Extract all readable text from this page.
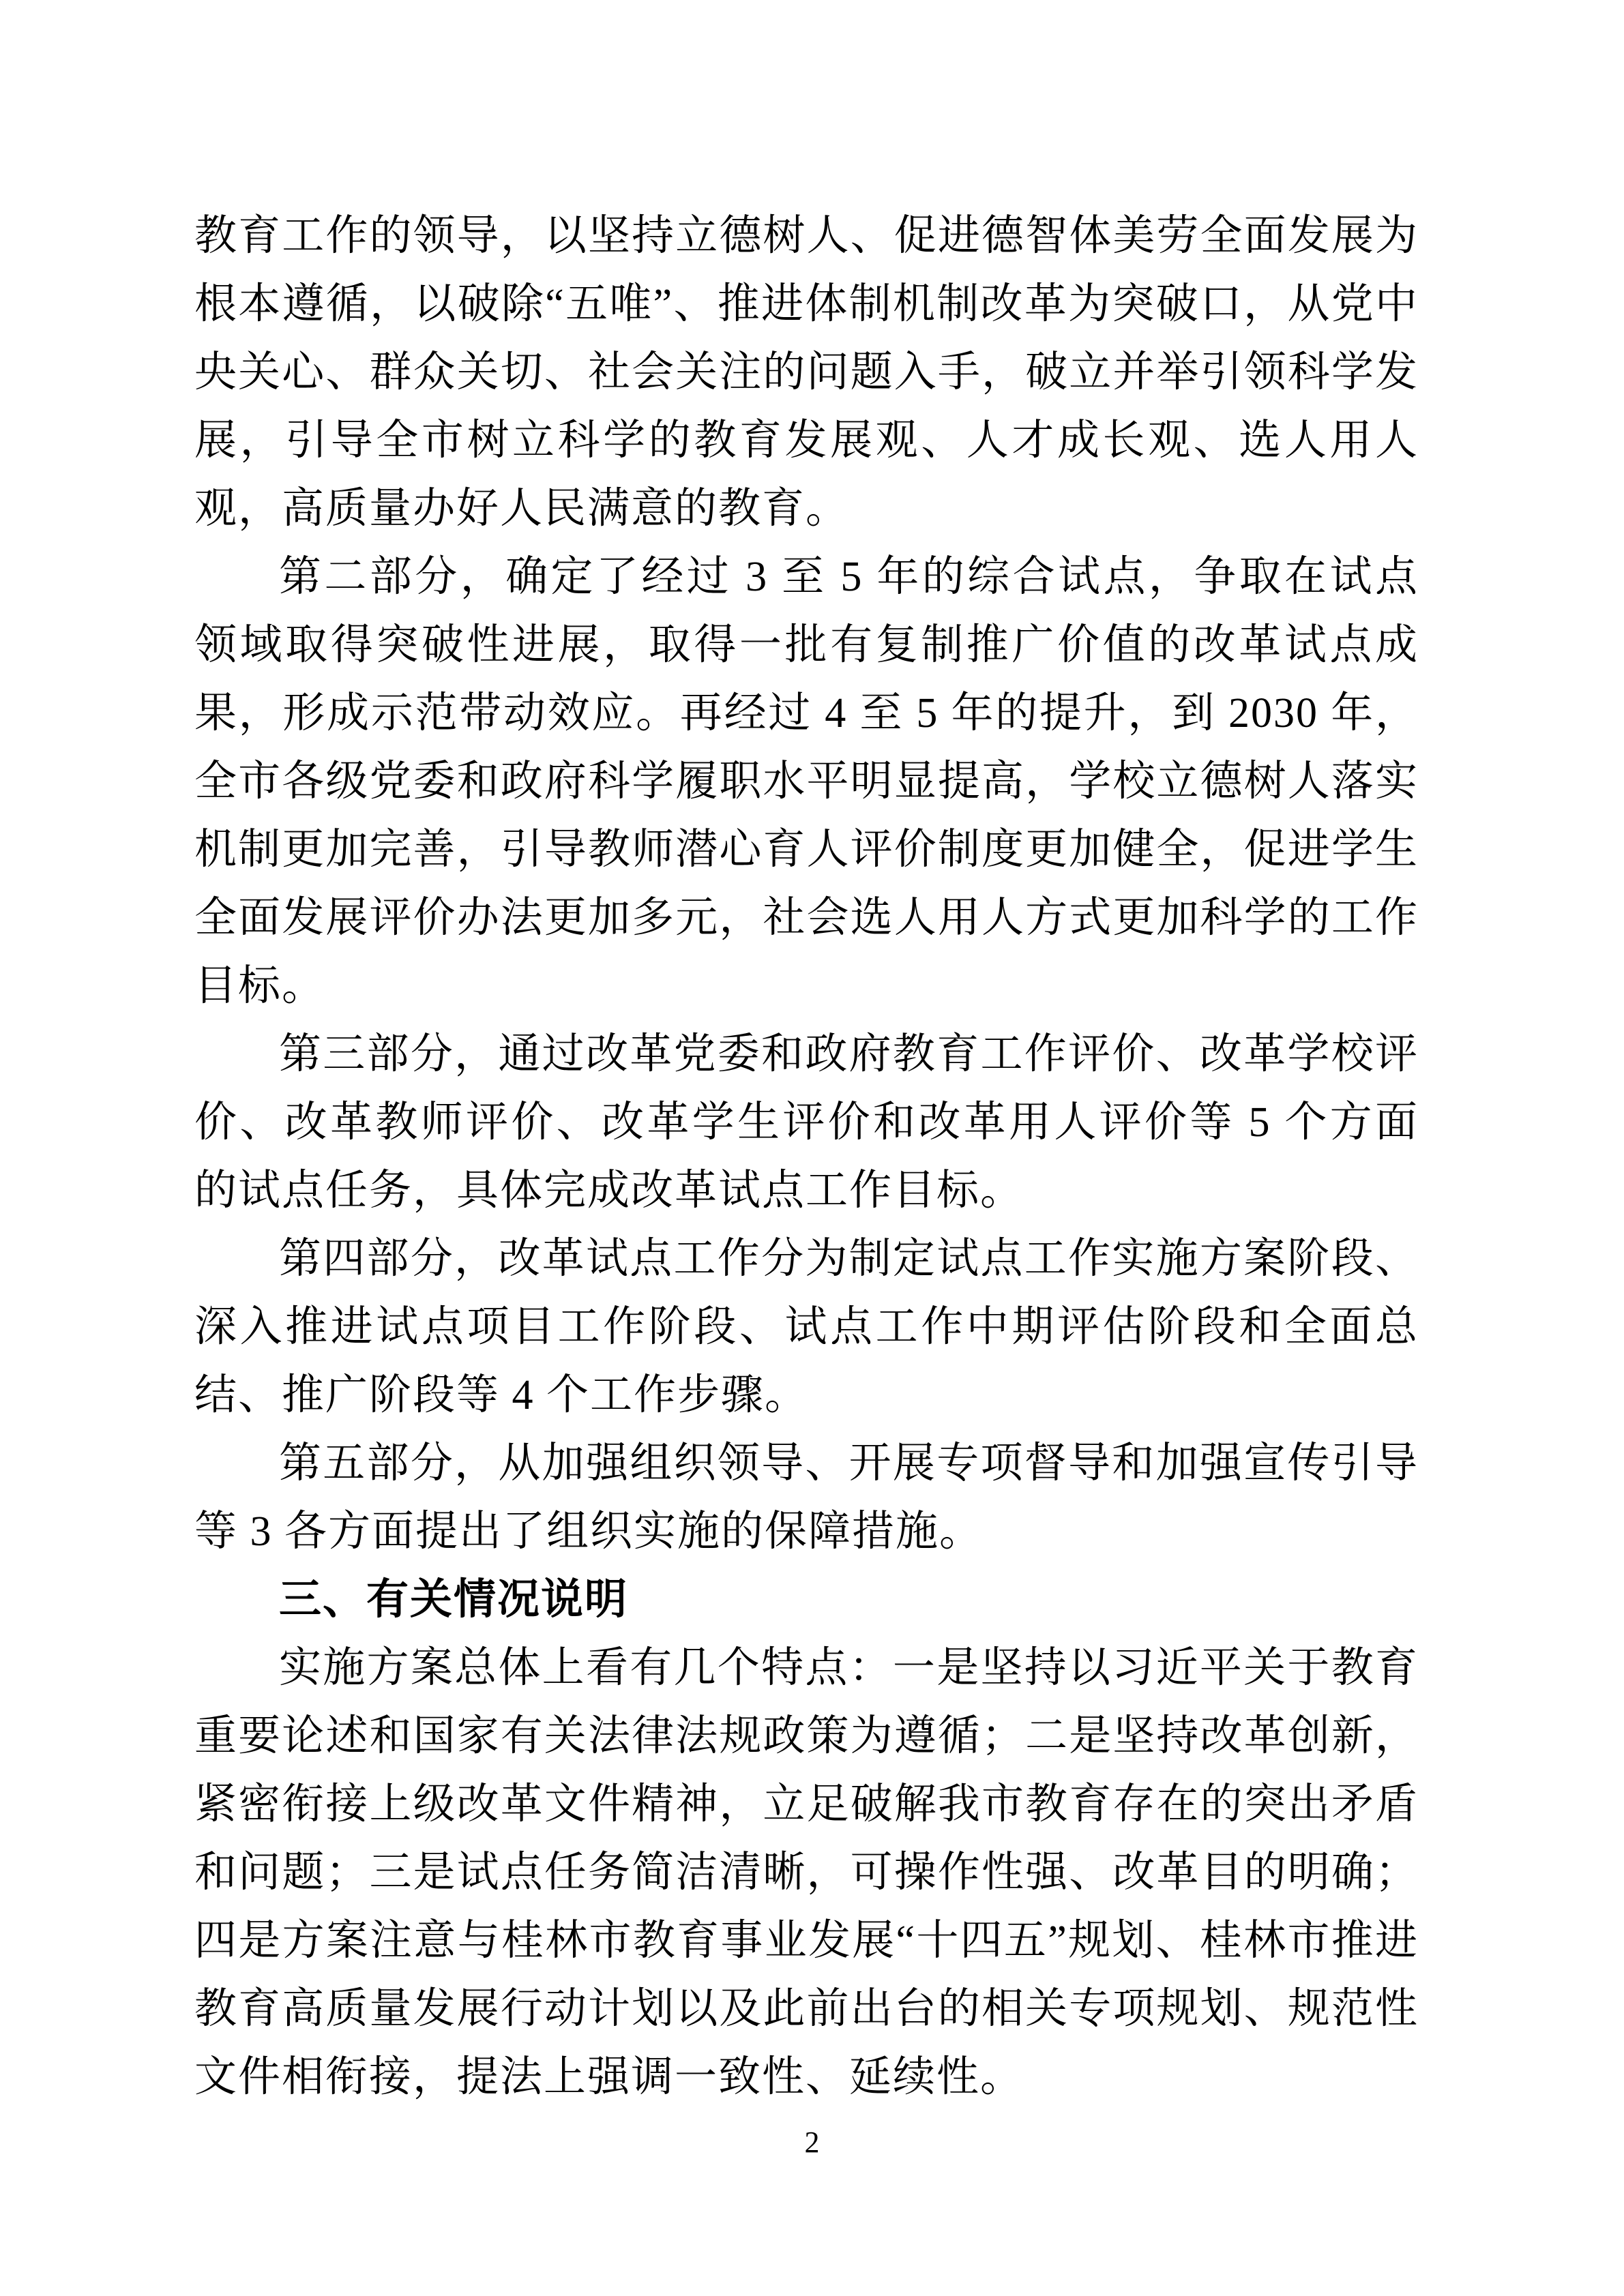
教育工作的领导，以坚持立德树人、促进德智体美劳全面发展为根本遵循，以破除“五唯”、推进体制机制改革为突破口，从党中央关心、群众关切、社会关注的问题入手，破立并举引领科学发展，引导全市树立科学的教育发展观、人才成长观、选人用人观，高质量办好人民满意的教育。

第二部分，确定了经过 3 至 5 年的综合试点，争取在试点领域取得突破性进展，取得一批有复制推广价值的改革试点成果，形成示范带动效应。再经过 4 至 5 年的提升，到 2030 年，全市各级党委和政府科学履职水平明显提高，学校立德树人落实机制更加完善，引导教师潜心育人评价制度更加健全，促进学生全面发展评价办法更加多元，社会选人用人方式更加科学的工作目标。

第三部分，通过改革党委和政府教育工作评价、改革学校评价、改革教师评价、改革学生评价和改革用人评价等 5 个方面的试点任务，具体完成改革试点工作目标。

第四部分，改革试点工作分为制定试点工作实施方案阶段、深入推进试点项目工作阶段、试点工作中期评估阶段和全面总结、推广阶段等 4 个工作步骤。

第五部分，从加强组织领导、开展专项督导和加强宣传引导等 3 各方面提出了组织实施的保障措施。

三、有关情况说明

实施方案总体上看有几个特点：一是坚持以习近平关于教育重要论述和国家有关法律法规政策为遵循；二是坚持改革创新，紧密衔接上级改革文件精神，立足破解我市教育存在的突出矛盾和问题；三是试点任务简洁清晰，可操作性强、改革目的明确；四是方案注意与桂林市教育事业发展“十四五”规划、桂林市推进教育高质量发展行动计划以及此前出台的相关专项规划、规范性文件相衔接，提法上强调一致性、延续性。

2
